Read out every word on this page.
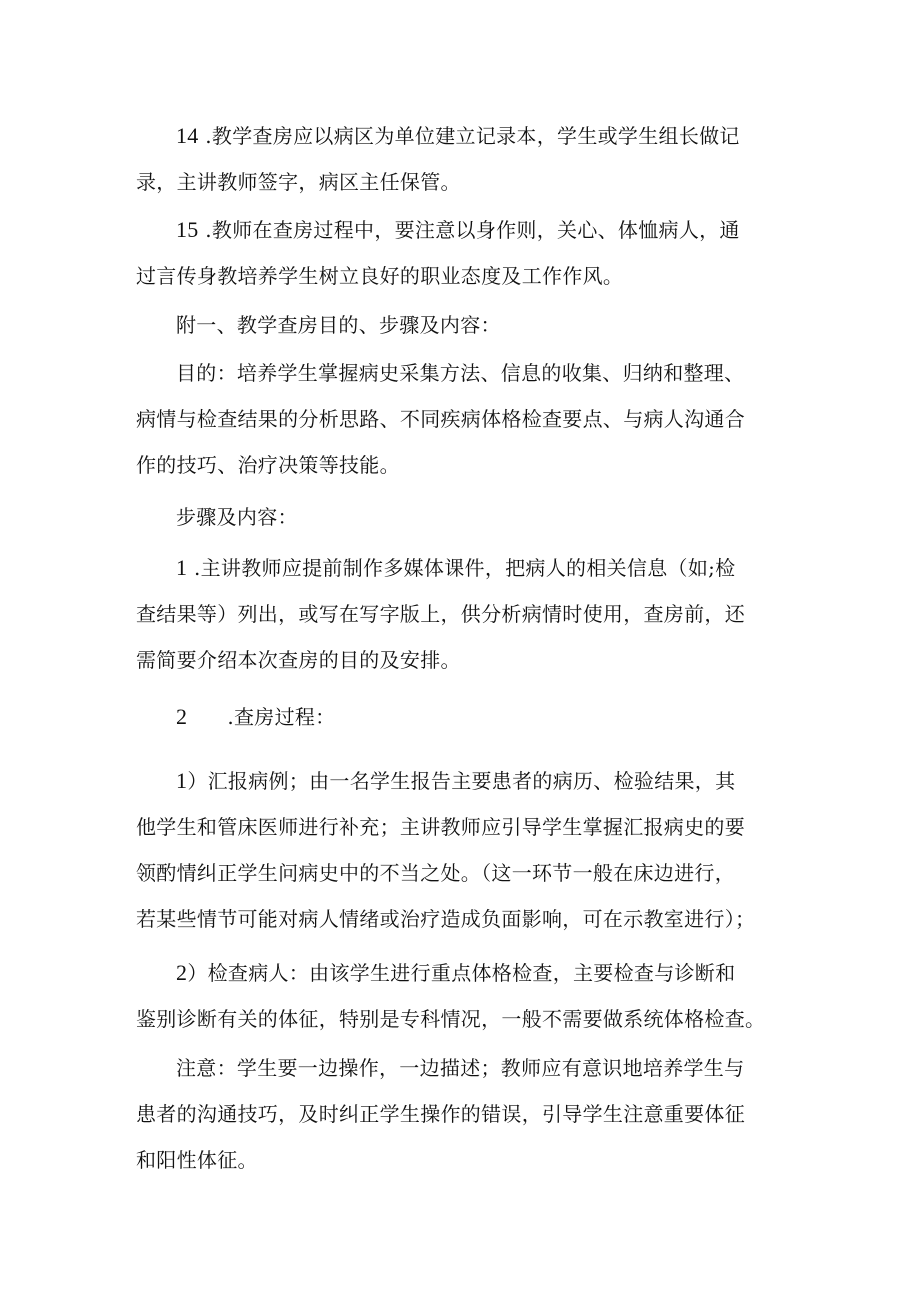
14 .教学查房应以病区为单位建立记录本，学生或学生组长做记
录，主讲教师签字，病区主任保管。

15 .教师在查房过程中，要注意以身作则，关心、体恤病人，通
过言传身教培养学生树立良好的职业态度及工作作风。

附一、教学查房目的、步骤及内容：

目的：培养学生掌握病史采集方法、信息的收集、归纳和整理、
病情与检查结果的分析思路、不同疾病体格检查要点、与病人沟通合
作的技巧、治疗决策等技能。

步骤及内容：

1 .主讲教师应提前制作多媒体课件，把病人的相关信息（如;检
查结果等）列出，或写在写字版上，供分析病情时使用，查房前，还
需简要介绍本次查房的目的及安排。

2 .查房过程：

1）汇报病例；由一名学生报告主要患者的病历、检验结果，其
他学生和管床医师进行补充；主讲教师应引导学生掌握汇报病史的要
领酌情纠正学生问病史中的不当之处。（这一环节一般在床边进行，
若某些情节可能对病人情绪或治疗造成负面影响，可在示教室进行）；

2）检查病人：由该学生进行重点体格检查，主要检查与诊断和
鉴别诊断有关的体征，特别是专科情况，一般不需要做系统体格检查。

注意：学生要一边操作，一边描述；教师应有意识地培养学生与
患者的沟通技巧，及时纠正学生操作的错误，引导学生注意重要体征
和阳性体征。
